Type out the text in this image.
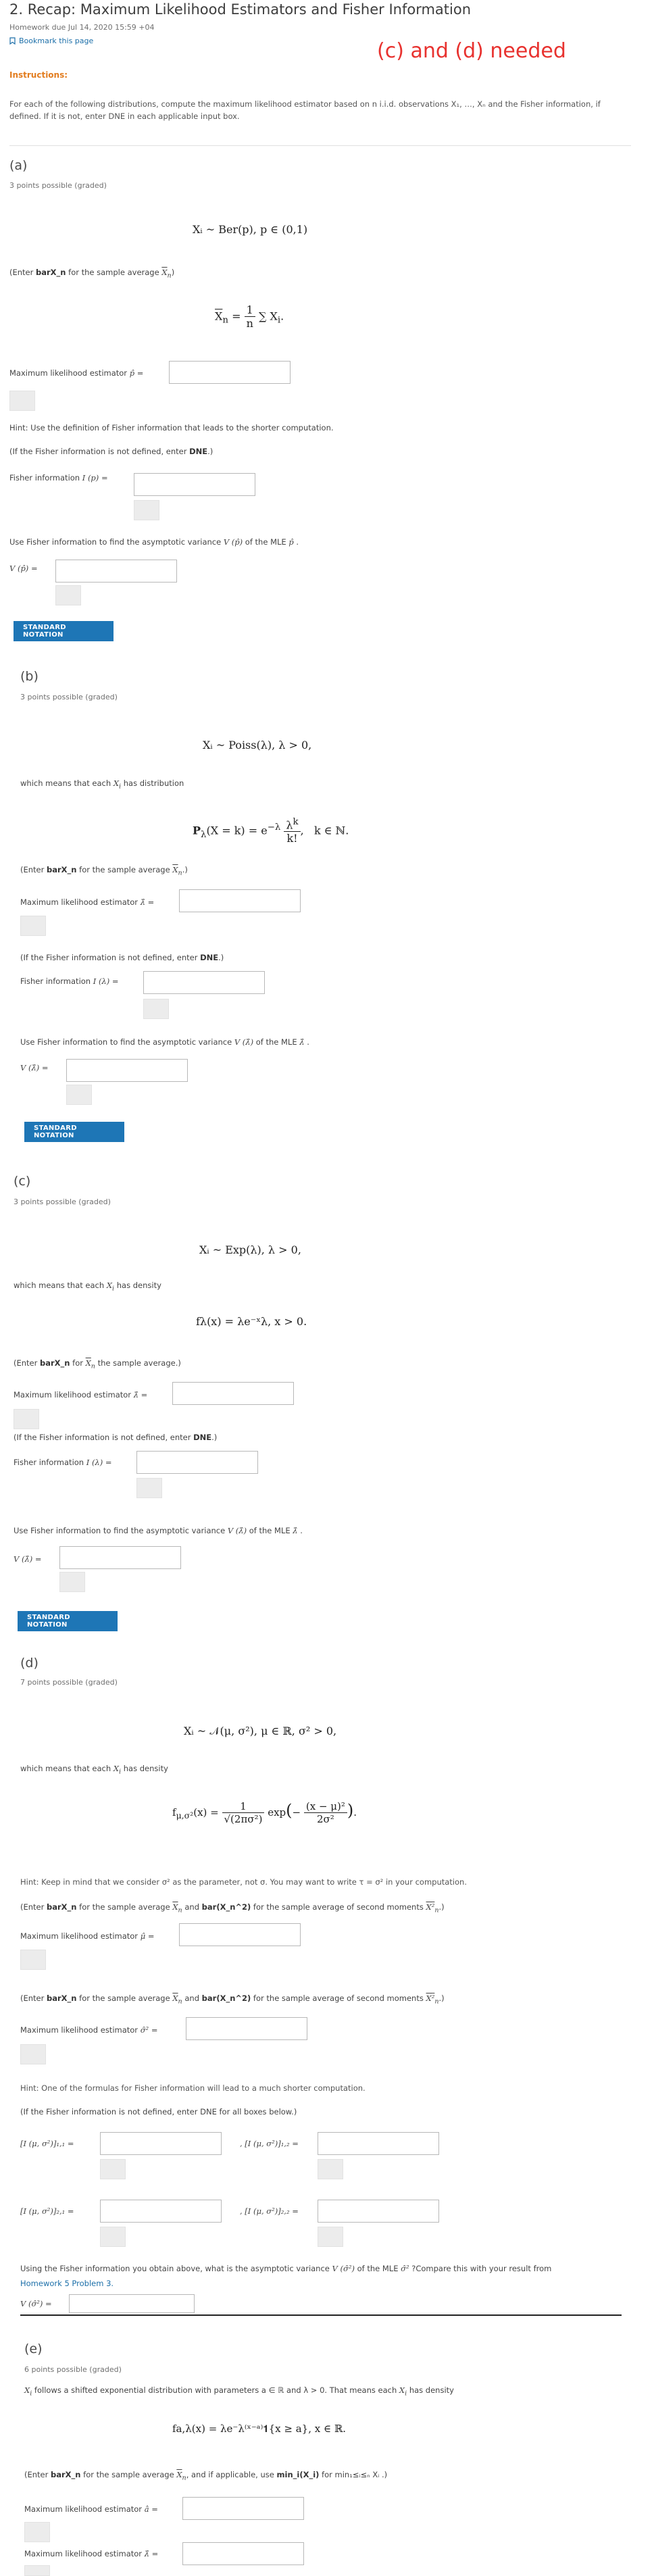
2. Recap: Maximum Likelihood Estimators and Fisher Information
Homework due Jul 14, 2020 15:59 +04
Bookmark this page	(c) and (d) needed
Instructions:
For each of the following distributions, compute the maximum likelihood estimator based on n i.i.d. observations X₁, …, Xₙ and the Fisher information, if defined. If it is not, enter DNE in each applicable input box.
(a)
3 points possible (graded)
Xᵢ ~ Ber(p), p ∈ (0,1)
(Enter barX_n for the sample average $\overline{X}_n$)
$\overline{X}_n = \frac{1}{n}$ ∑ $X_i$.
Maximum likelihood estimator p̂ =
Hint: Use the definition of Fisher information that leads to the shorter computation.
(If the Fisher information is not defined, enter DNE.)
Fisher information I (p) =
Use Fisher information to find the asymptotic variance V (p̂) of the MLE p̂ .
V (p̂) =
STANDARD NOTATION
(b)
3 points possible (graded)
Xᵢ ~ Poiss(λ), λ > 0,
which means that each $X_i$ has distribution
$P_\lambda(X = k) = e^{-\lambda} \frac{\lambda^k}{k!}$ ,   k ∈ ℕ.
(Enter barX_n for the sample average $\overline{X}_n$.)
Maximum likelihood estimator λ̂ =
(If the Fisher information is not defined, enter DNE.)
Fisher information I (λ) =
Use Fisher information to find the asymptotic variance V (λ̂) of the MLE λ̂ .
V (λ̂) =
STANDARD NOTATION
(c)
3 points possible (graded)
Xᵢ ~ Exp(λ), λ > 0,
which means that each $X_i$ has density
fλ(x) = λe⁻ˣλ, x > 0.
(Enter barX_n for $\overline{X}_n$ the sample average.)
Maximum likelihood estimator λ̂ =
(If the Fisher information is not defined, enter DNE.)
Fisher information I (λ) =
Use Fisher information to find the asymptotic variance V (λ̂) of the MLE λ̂ .
V (λ̂) =
STANDARD NOTATION
(d)
7 points possible (graded)
Xᵢ ~ 𝒩(μ, σ²), μ ∈ ℝ, σ² > 0,
which means that each $X_i$ has density
$f_{\mu,\sigma^2}(x) = \frac{1}{\text{√(2πσ²)}} \exp(- \frac{\text{(x − μ)²}}{\text{2σ²}}$ ).
Hint: Keep in mind that we consider σ² as the parameter, not σ. You may want to write τ = σ² in your computation.
(Enter barX_n for the sample average $\overline{X}_n$ and bar(X_n^2) for the sample average of second moments $X^2_n$.)
Maximum likelihood estimator μ̂ =
(Enter barX_n for the sample average $\overline{X}_n$ and bar(X_n^2) for the sample average of second moments $X^2_n$.)
Maximum likelihood estimator σ̂² =
Hint: One of the formulas for Fisher information will lead to a much shorter computation.
(If the Fisher information is not defined, enter DNE for all boxes below.)
[I (μ, σ²)]₁,₁ =	, [I (μ, σ²)]₁,₂ =
[I (μ, σ²)]₂,₁ =	, [I (μ, σ²)]₂,₂ =
Using the Fisher information you obtain above, what is the asymptotic variance V (σ̂²) of the MLE σ̂² ?Compare this with your result from
Homework 5 Problem 3.
V (σ̂²) =
(e)
6 points possible (graded)
$X_i$ follows a shifted exponential distribution with parameters a ∈ ℝ and λ > 0. That means each $X_i$ has density
fa,λ(x) = λe⁻λ⁽ˣ⁻ᵃ⁾𝟏{x ≥ a}, x ∈ ℝ.
(Enter barX_n for the sample average $\overline{X}_n$, and if applicable, use min_i(X_i) for min₁≤ᵢ≤ₙ Xᵢ .)
Maximum likelihood estimator â =
Maximum likelihood estimator λ̂ =
